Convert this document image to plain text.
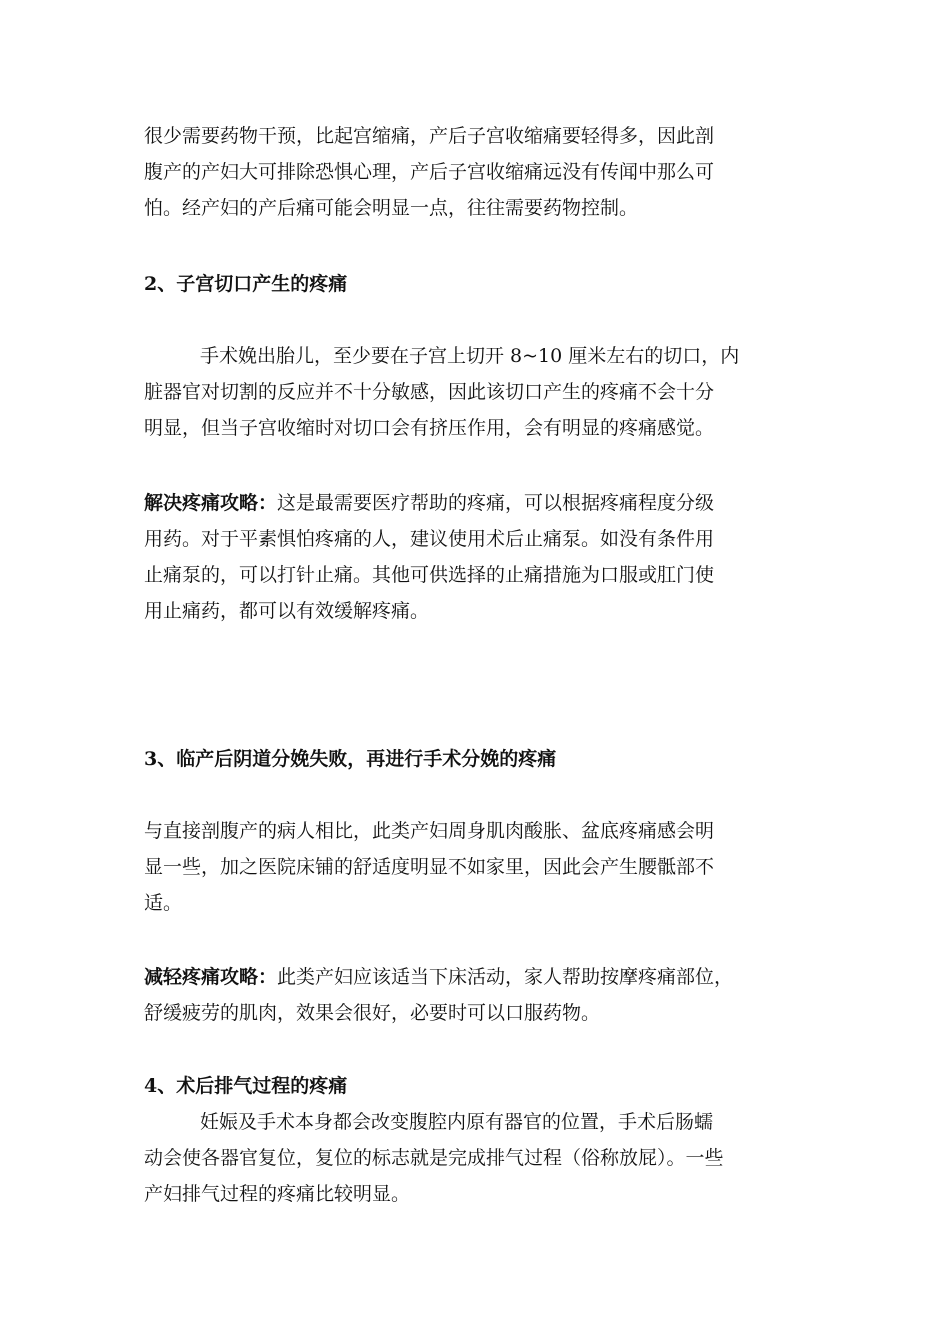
很少需要药物干预，比起宫缩痛，产后子宫收缩痛要轻得多，因此剖
腹产的产妇大可排除恐惧心理，产后子宫收缩痛远没有传闻中那么可
怕。经产妇的产后痛可能会明显一点，往往需要药物控制。
2、子宫切口产生的疼痛
手术娩出胎儿，至少要在子宫上切开 8~10 厘米左右的切口，内
脏器官对切割的反应并不十分敏感，因此该切口产生的疼痛不会十分
明显，但当子宫收缩时对切口会有挤压作用，会有明显的疼痛感觉。
解决疼痛攻略：这是最需要医疗帮助的疼痛，可以根据疼痛程度分级
用药。对于平素惧怕疼痛的人，建议使用术后止痛泵。如没有条件用
止痛泵的，可以打针止痛。其他可供选择的止痛措施为口服或肛门使
用止痛药，都可以有效缓解疼痛。
3、临产后阴道分娩失败，再进行手术分娩的疼痛
与直接剖腹产的病人相比，此类产妇周身肌肉酸胀、盆底疼痛感会明
显一些，加之医院床铺的舒适度明显不如家里，因此会产生腰骶部不
适。
减轻疼痛攻略：此类产妇应该适当下床活动，家人帮助按摩疼痛部位，
舒缓疲劳的肌肉，效果会很好，必要时可以口服药物。
4、术后排气过程的疼痛
妊娠及手术本身都会改变腹腔内原有器官的位置，手术后肠蠕
动会使各器官复位，复位的标志就是完成排气过程（俗称放屁）。一些
产妇排气过程的疼痛比较明显。
